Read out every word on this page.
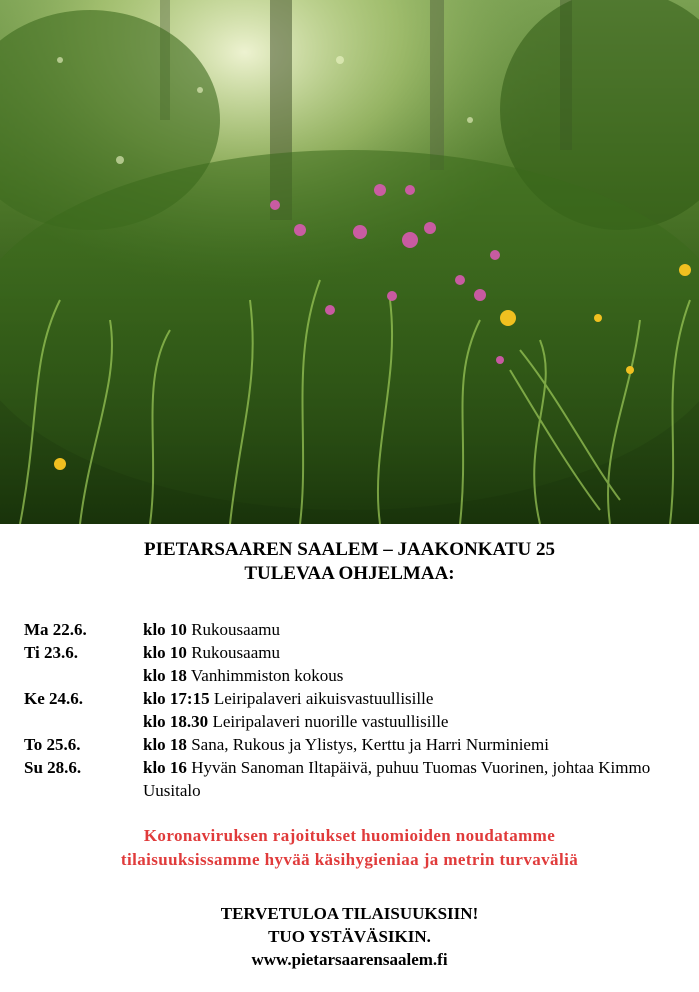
PIETARSAAREN SAALEM – JAAKONKATU 25
TULEVAA OHJELMAA:
Ma 22.6.	klo 10 Rukousaamu
Ti 23.6.	klo 10 Rukousaamu
klo 18 Vanhimmiston kokous
Ke 24.6.	klo 17:15 Leiripalaveri aikuisvastuullisille
klo 18.30 Leiripalaveri nuorille vastuullisille
To 25.6.	klo 18 Sana, Rukous ja Ylistys, Kerttu ja Harri Nurminiemi
Su 28.6.	klo 16 Hyvän Sanoman Iltapäivä, puhuu Tuomas Vuorinen, johtaa Kimmo Uusitalo
Koronaviruksen rajoitukset huomioiden noudatamme
tilaisuuksissamme hyvää käsihygieniaa ja metrin turvaväliä
TERVETULOA TILAISUUKSIIN!
TUO YSTÄVÄSIKIN.
www.pietarsaarensaalem.fi
